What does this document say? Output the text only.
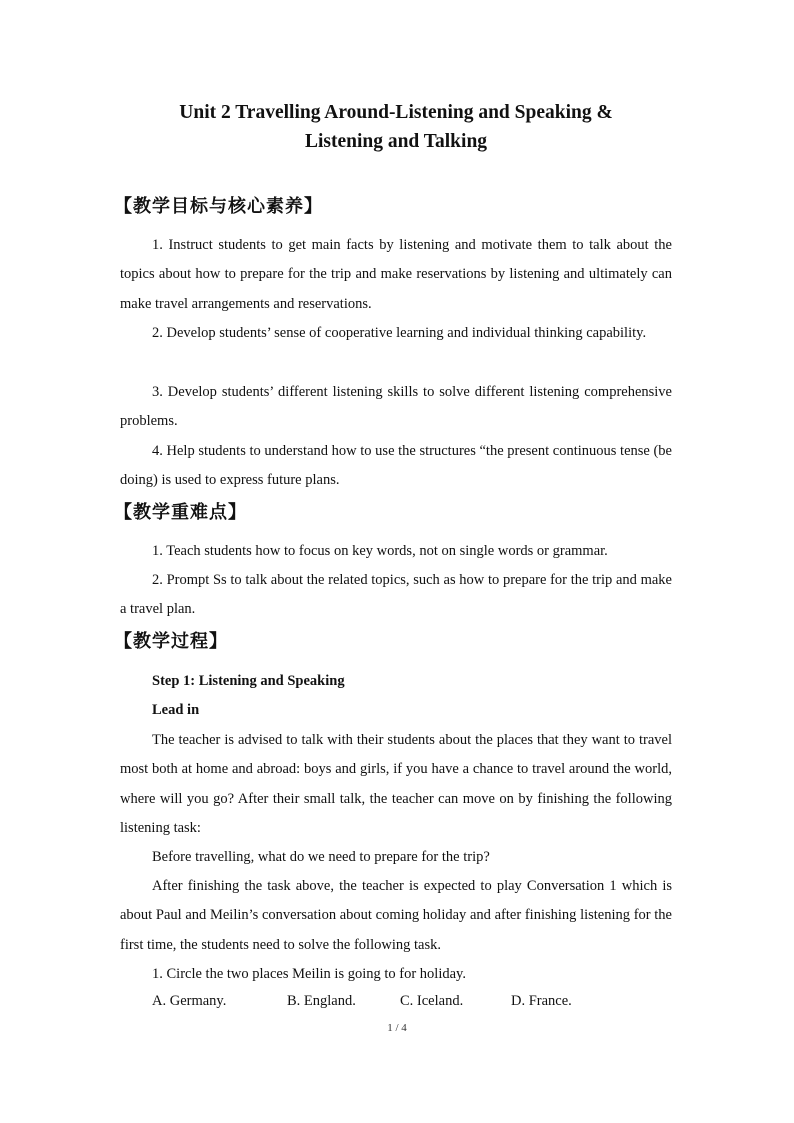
Unit 2 Travelling Around-Listening and Speaking &
Listening and Talking
【教学目标与核心素养】
1. Instruct students to get main facts by listening and motivate them to talk about the topics about how to prepare for the trip and make reservations by listening and ultimately can make travel arrangements and reservations.
2. Develop students’ sense of cooperative learning and individual thinking capability.
3. Develop students’ different listening skills to solve different listening comprehensive problems.
4. Help students to understand how to use the structures “the present continuous tense (be doing) is used to express future plans.
【教学重难点】
1. Teach students how to focus on key words, not on single words or grammar.
2. Prompt Ss to talk about the related topics, such as how to prepare for the trip and make a travel plan.
【教学过程】
Step 1: Listening and Speaking
Lead in
The teacher is advised to talk with their students about the places that they want to travel most both at home and abroad: boys and girls, if you have a chance to travel around the world, where will you go? After their small talk, the teacher can move on by finishing the following listening task:
Before travelling, what do we need to prepare for the trip?
After finishing the task above, the teacher is expected to play Conversation 1 which is about Paul and Meilin’s conversation about coming holiday and after finishing listening for the first time, the students need to solve the following task.
1. Circle the two places Meilin is going to for holiday.
A. Germany.	B. England.	C. Iceland.	D. France.
1 / 4
